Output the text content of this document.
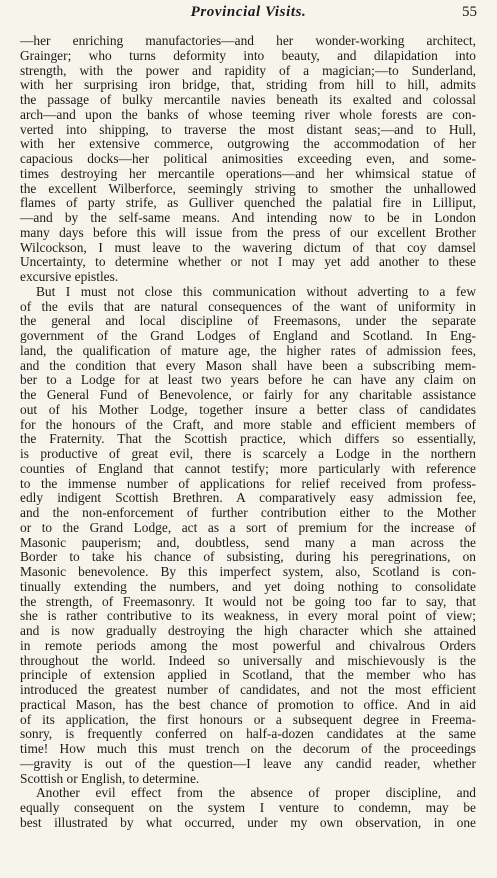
Provincial Visits.	55
—her enriching manufactories—and her wonder-working architect,
Grainger; who turns deformity into beauty, and dilapidation into
strength, with the power and rapidity of a magician;—to Sunderland,
with her surprising iron bridge, that, striding from hill to hill, admits
the passage of bulky mercantile navies beneath its exalted and colossal
arch—and upon the banks of whose teeming river whole forests are con-
verted into shipping, to traverse the most distant seas;—and to Hull,
with her extensive commerce, outgrowing the accommodation of her
capacious docks—her political animosities exceeding even, and some-
times destroying her mercantile operations—and her whimsical statue of
the excellent Wilberforce, seemingly striving to smother the unhallowed
flames of party strife, as Gulliver quenched the palatial fire in Lilliput,
—and by the self-same means. And intending now to be in London
many days before this will issue from the press of our excellent Brother
Wilcockson, I must leave to the wavering dictum of that coy damsel
Uncertainty, to determine whether or not I may yet add another to these
excursive epistles.
But I must not close this communication without adverting to a few
of the evils that are natural consequences of the want of uniformity in
the general and local discipline of Freemasons, under the separate
government of the Grand Lodges of England and Scotland. In Eng-
land, the qualification of mature age, the higher rates of admission fees,
and the condition that every Mason shall have been a subscribing mem-
ber to a Lodge for at least two years before he can have any claim on
the General Fund of Benevolence, or fairly for any charitable assistance
out of his Mother Lodge, together insure a better class of candidates
for the honours of the Craft, and more stable and efficient members of
the Fraternity. That the Scottish practice, which differs so essentially,
is productive of great evil, there is scarcely a Lodge in the northern
counties of England that cannot testify; more particularly with reference
to the immense number of applications for relief received from profess-
edly indigent Scottish Brethren. A comparatively easy admission fee,
and the non-enforcement of further contribution either to the Mother
or to the Grand Lodge, act as a sort of premium for the increase of
Masonic pauperism; and, doubtless, send many a man across the
Border to take his chance of subsisting, during his peregrinations, on
Masonic benevolence. By this imperfect system, also, Scotland is con-
tinually extending the numbers, and yet doing nothing to consolidate
the strength, of Freemasonry. It would not be going too far to say, that
she is rather contributive to its weakness, in every moral point of view;
and is now gradually destroying the high character which she attained
in remote periods among the most powerful and chivalrous Orders
throughout the world. Indeed so universally and mischievously is the
principle of extension applied in Scotland, that the member who has
introduced the greatest number of candidates, and not the most efficient
practical Mason, has the best chance of promotion to office. And in aid
of its application, the first honours or a subsequent degree in Freema-
sonry, is frequently conferred on half-a-dozen candidates at the same
time! How much this must trench on the decorum of the proceedings
—gravity is out of the question—I leave any candid reader, whether
Scottish or English, to determine.
Another evil effect from the absence of proper discipline, and
equally consequent on the system I venture to condemn, may be
best illustrated by what occurred, under my own observation, in one
